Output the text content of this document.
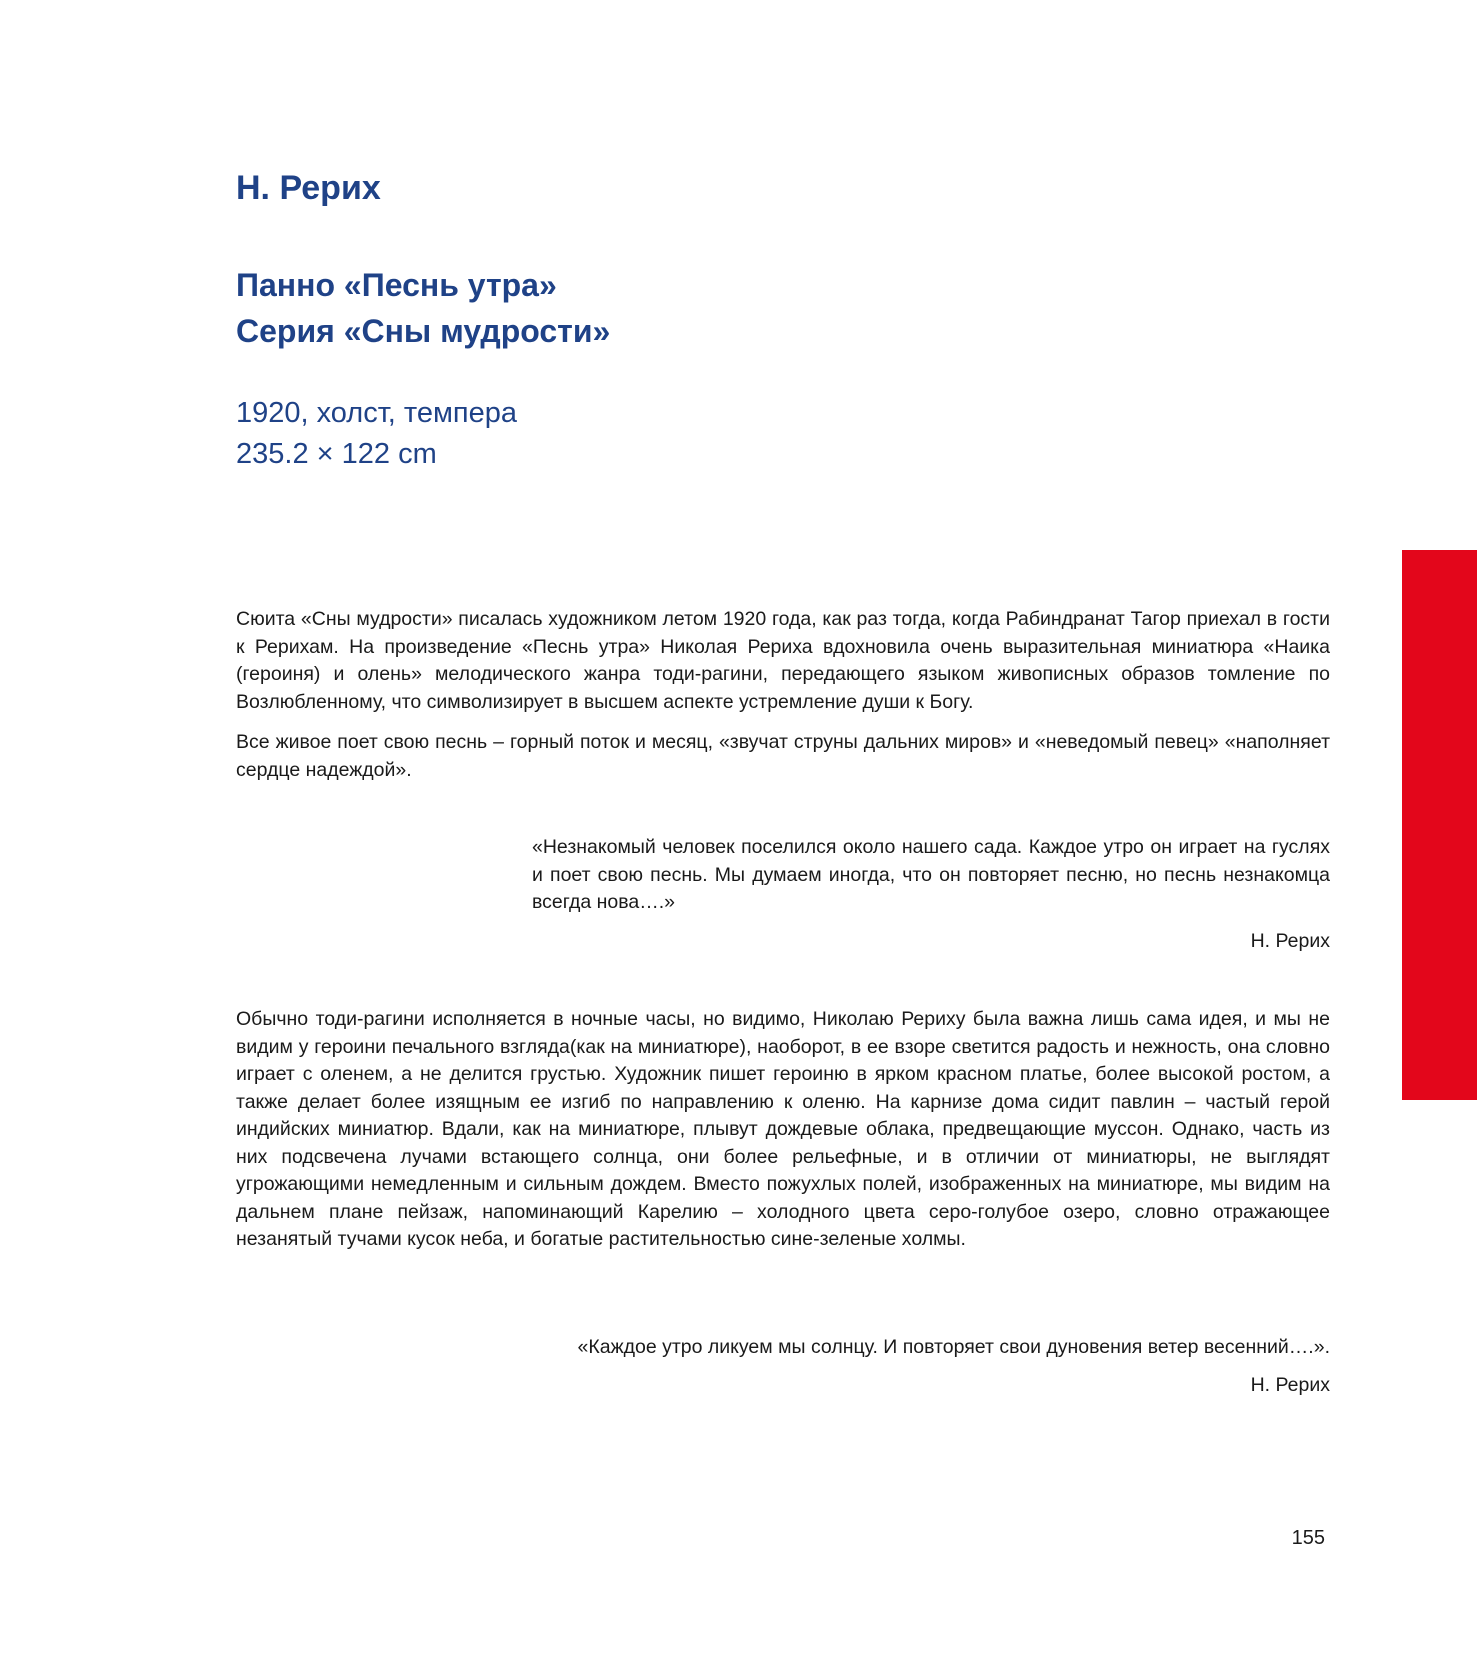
Н. Рерих
Панно «Песнь утра»
Серия «Сны мудрости»
1920, холст, темпера
235.2 × 122 cm

Сюита «Сны мудрости» писалась художником летом 1920 года, как раз тогда, когда Рабиндранат Тагор приехал в гости к Рерихам. На произведение «Песнь утра» Николая Рериха вдохновила очень выразительная миниатюра «Наика (героиня) и олень» мелодического жанра тоди-рагини, передающего языком живописных образов томление по Возлюбленному, что символизирует в высшем аспекте устремление души к Богу.

Все живое поет свою песнь – горный поток и месяц, «звучат струны дальних миров» и «неведомый певец» «наполняет сердце надеждой».

«Незнакомый человек поселился около нашего сада. Каждое утро он играет на гуслях и поет свою песнь. Мы думаем иногда, что он повторяет песню, но песнь незнакомца всегда нова….»

Н. Рерих

Обычно тоди-рагини исполняется в ночные часы, но видимо, Николаю Рериху была важна лишь сама идея, и мы не видим у героини печального взгляда(как на миниатюре), наоборот, в ее взоре светится радость и нежность, она словно играет с оленем, а не делится грустью. Художник пишет героиню в ярком красном платье, более высокой ростом, а также делает более изящным ее изгиб по направлению к оленю. На карнизе дома сидит павлин – частый герой индийских миниатюр. Вдали, как на миниатюре, плывут дождевые облака, предвещающие муссон. Однако, часть из них подсвечена лучами встающего солнца, они более рельефные, и в отличии от миниатюры, не выглядят угрожающими немедленным и сильным дождем. Вместо пожухлых полей, изображенных на миниатюре, мы видим на дальнем плане пейзаж, напоминающий Карелию – холодного цвета серо-голубое озеро, словно отражающее незанятый тучами кусок неба, и богатые растительностью сине-зеленые холмы.

«Каждое утро ликуем мы солнцу. И повторяет свои дуновения ветер весенний….».

Н. Рерих

155
